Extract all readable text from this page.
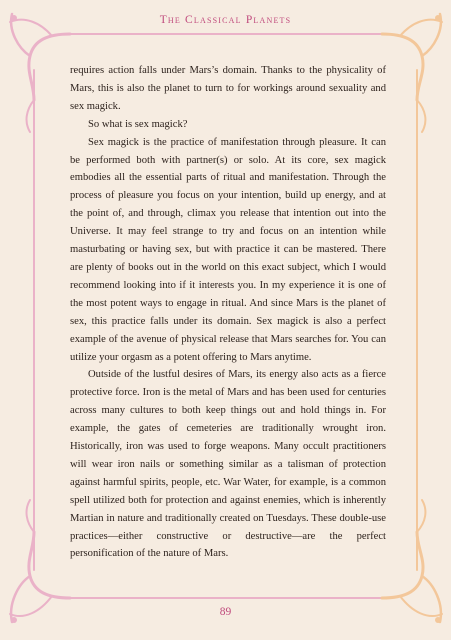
The Classical Planets

requires action falls under Mars’s domain. Thanks to the physicality of Mars, this is also the planet to turn to for workings around sexuality and sex magick.

So what is sex magick?

Sex magick is the practice of manifestation through pleasure. It can be performed both with partner(s) or solo. At its core, sex magick embodies all the essential parts of ritual and manifestation. Through the process of pleasure you focus on your intention, build up energy, and at the point of, and through, climax you release that intention out into the Universe. It may feel strange to try and focus on an intention while masturbating or having sex, but with practice it can be mastered. There are plenty of books out in the world on this exact subject, which I would recommend looking into if it interests you. In my experience it is one of the most potent ways to engage in ritual. And since Mars is the planet of sex, this practice falls under its domain. Sex magick is also a perfect example of the avenue of physical release that Mars searches for. You can utilize your orgasm as a potent offering to Mars anytime.

Outside of the lustful desires of Mars, its energy also acts as a fierce protective force. Iron is the metal of Mars and has been used for centuries across many cultures to both keep things out and hold things in. For example, the gates of cemeteries are traditionally wrought iron. Historically, iron was used to forge weapons. Many occult practitioners will wear iron nails or something similar as a talisman of protection against harmful spirits, people, etc. War Water, for example, is a common spell utilized both for protection and against enemies, which is inherently Martian in nature and traditionally created on Tuesdays. These double-use practices—either constructive or destructive—are the perfect personification of the nature of Mars.

89
